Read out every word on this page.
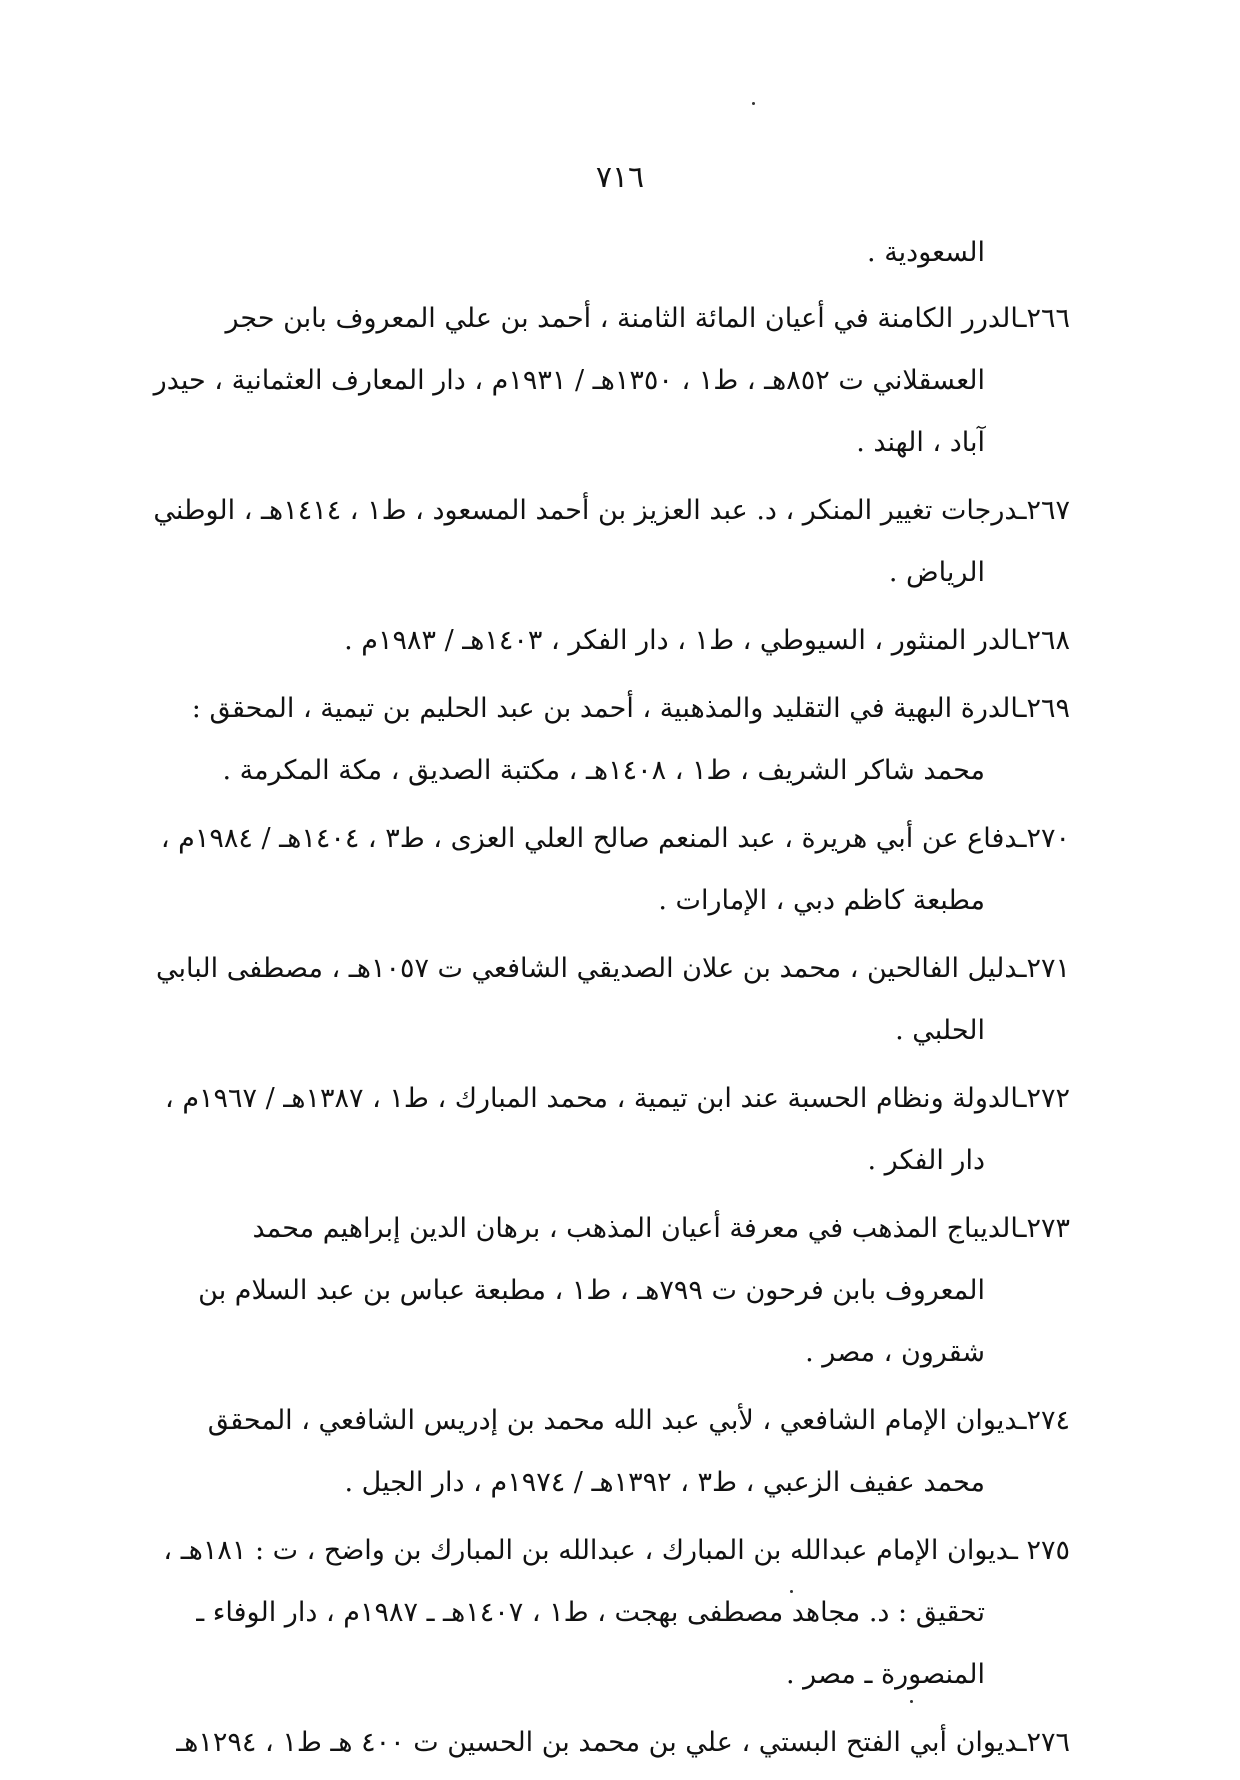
٧١٦
السعودية .
٢٦٦ـالدرر الكامنة في أعيان المائة الثامنة ، أحمد بن علي المعروف بابن حجر العسقلاني ت ٨٥٢هـ ، ط١ ، ١٣٥٠هـ / ١٩٣١م ، دار المعارف العثمانية ، حيدر آباد ، الهند .
٢٦٧ـدرجات تغيير المنكر ، د. عبد العزيز بن أحمد المسعود ، ط١ ، ١٤١٤هـ ، الوطني الرياض .
٢٦٨ـالدر المنثور ، السيوطي ، ط١ ، دار الفكر ، ١٤٠٣هـ / ١٩٨٣م .
٢٦٩ـالدرة البهية في التقليد والمذهبية ، أحمد بن عبد الحليم بن تيمية ، المحقق : محمد شاكر الشريف ، ط١ ، ١٤٠٨هـ ، مكتبة الصديق ، مكة المكرمة .
٢٧٠ـدفاع عن أبي هريرة ، عبد المنعم صالح العلي العزى ، ط٣ ، ١٤٠٤هـ / ١٩٨٤م ، مطبعة كاظم دبي ، الإمارات .
٢٧١ـدليل الفالحين ، محمد بن علان الصديقي الشافعي ت ١٠٥٧هـ ، مصطفى البابي الحلبي .
٢٧٢ـالدولة ونظام الحسبة عند ابن تيمية ، محمد المبارك ، ط١ ، ١٣٨٧هـ / ١٩٦٧م ، دار الفكر .
٢٧٣ـالديباج المذهب في معرفة أعيان المذهب ، برهان الدين إبراهيم محمد المعروف بابن فرحون ت ٧٩٩هـ ، ط١ ، مطبعة عباس بن عبد السلام بن شقرون ، مصر .
٢٧٤ـديوان الإمام الشافعي ، لأبي عبد الله محمد بن إدريس الشافعي ، المحقق محمد عفيف الزعبي ، ط٣ ، ١٣٩٢هـ / ١٩٧٤م ، دار الجيل .
٢٧٥ ـديوان الإمام عبدالله بن المبارك ، عبدالله بن المبارك بن واضح ، ت : ١٨١هـ ، تحقيق : د. مجاهد مصطفى بهجت ، ط١ ، ١٤٠٧هـ ـ ١٩٨٧م ، دار الوفاء ـ المنصورة ـ مصر .
٢٧٦ـديوان أبي الفتح البستي ، علي بن محمد بن الحسين ت ٤٠٠ هـ ط١ ، ١٢٩٤هـ
